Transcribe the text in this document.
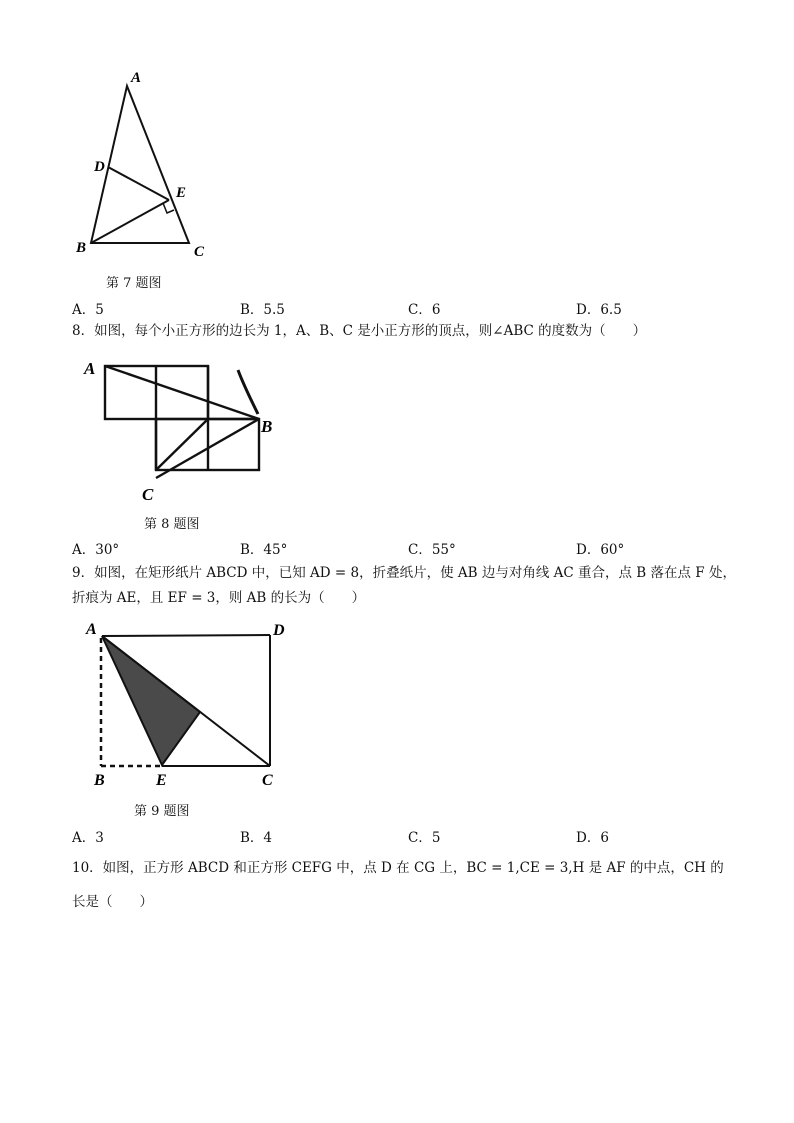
A
D
E
B	C
第 7 题图
A．5	B．5.5	C．6	D．6.5
8．如图，每个小正方形的边长为 1，A、B、C 是小正方形的顶点，则∠ABC 的度数为（　　）
A
B
C
第 8 题图
A．30°	B．45°	C．55°	D．60°
9．如图，在矩形纸片 ABCD 中，已知 AD = 8，折叠纸片，使 AB 边与对角线 AC 重合，点 B 落在点 F 处，
折痕为 AE，且 EF = 3，则 AB 的长为（　　）
A	D
B	E	C
第 9 题图
A．3	B．4	C．5	D．6
10．如图，正方形 ABCD 和正方形 CEFG 中，点 D 在 CG 上，BC = 1,CE = 3,H 是 AF 的中点，CH 的
长是（　　）
